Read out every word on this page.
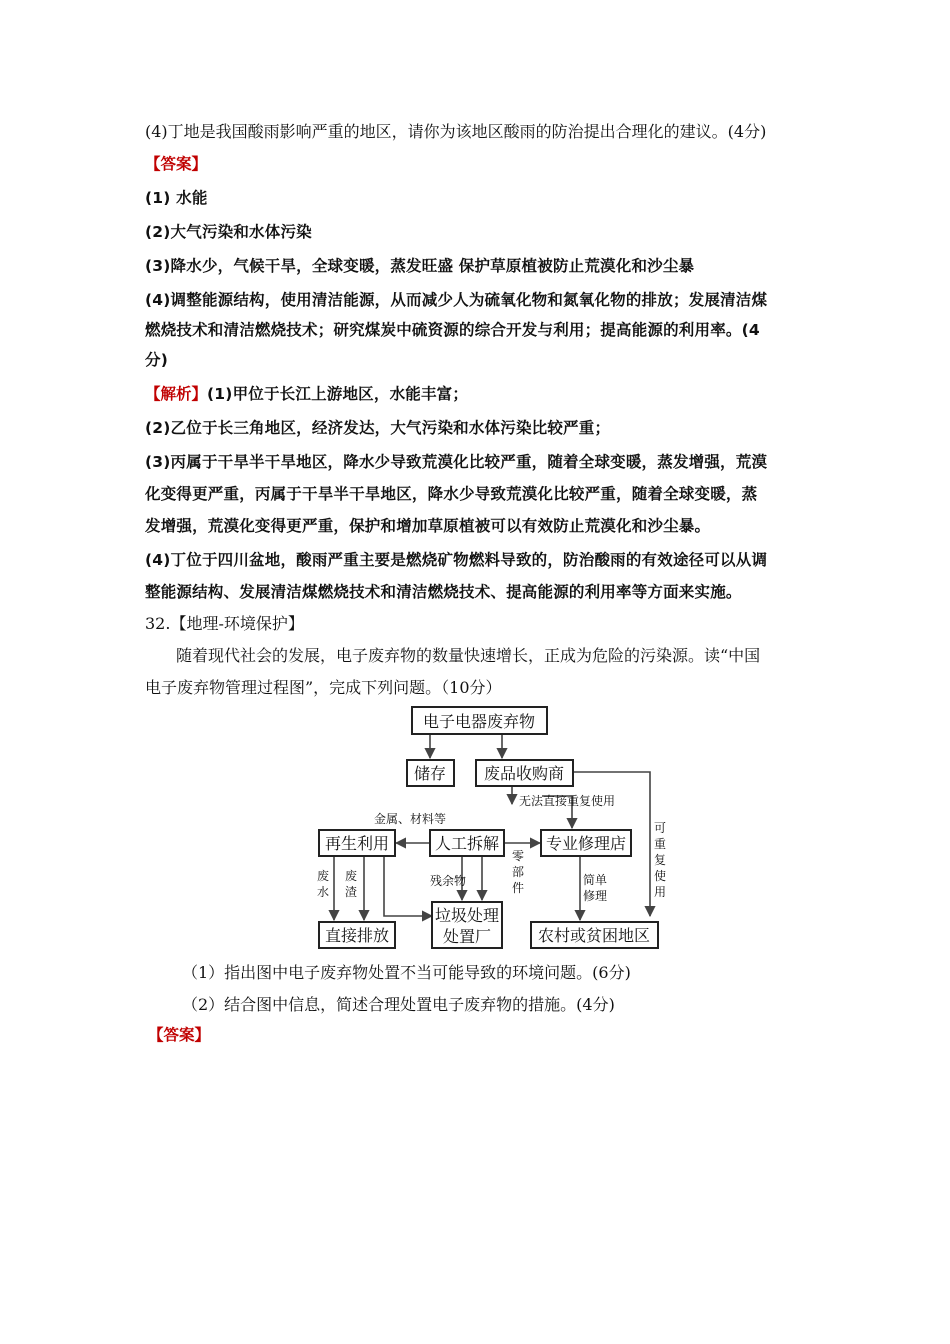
(4)丁地是我国酸雨影响严重的地区，请你为该地区酸雨的防治提出合理化的建议。(4分)
【答案】
(1) 水能
(2)大气污染和水体污染
(3)降水少，气候干旱，全球变暖，蒸发旺盛 保护草原植被防止荒漠化和沙尘暴
(4)调整能源结构，使用清洁能源，从而减少人为硫氧化物和氮氧化物的排放；发展清洁煤
燃烧技术和清洁燃烧技术；研究煤炭中硫资源的综合开发与利用；提高能源的利用率。(4
分)
【解析】(1)甲位于长江上游地区，水能丰富；
(2)乙位于长三角地区，经济发达，大气污染和水体污染比较严重；
(3)丙属于干旱半干旱地区，降水少导致荒漠化比较严重，随着全球变暖，蒸发增强，荒漠
化变得更严重，丙属于干旱半干旱地区，降水少导致荒漠化比较严重，随着全球变暖，蒸
发增强，荒漠化变得更严重，保护和增加草原植被可以有效防止荒漠化和沙尘暴。
(4)丁位于四川盆地，酸雨严重主要是燃烧矿物燃料导致的，防治酸雨的有效途径可以从调
整能源结构、发展清洁煤燃烧技术和清洁燃烧技术、提高能源的利用率等方面来实施。
32.【地理-环境保护】
随着现代社会的发展，电子废弃物的数量快速增长，正成为危险的污染源。读“中国
电子废弃物管理过程图”，完成下列问题。（10分）
电子电器废弃物
储存 废品收购商
再生利用	人工拆解	专业修理店
直接排放
垃圾处理
处置厂	农村或贫困地区
无法直接重复使用
金属、材料等
残余物	简单
修理
废
水
废
渣
零
部
件
可
重
复
使
用
（1）指出图中电子废弃物处置不当可能导致的环境问题。(6分)
（2）结合图中信息，简述合理处置电子废弃物的措施。(4分)
【答案】
